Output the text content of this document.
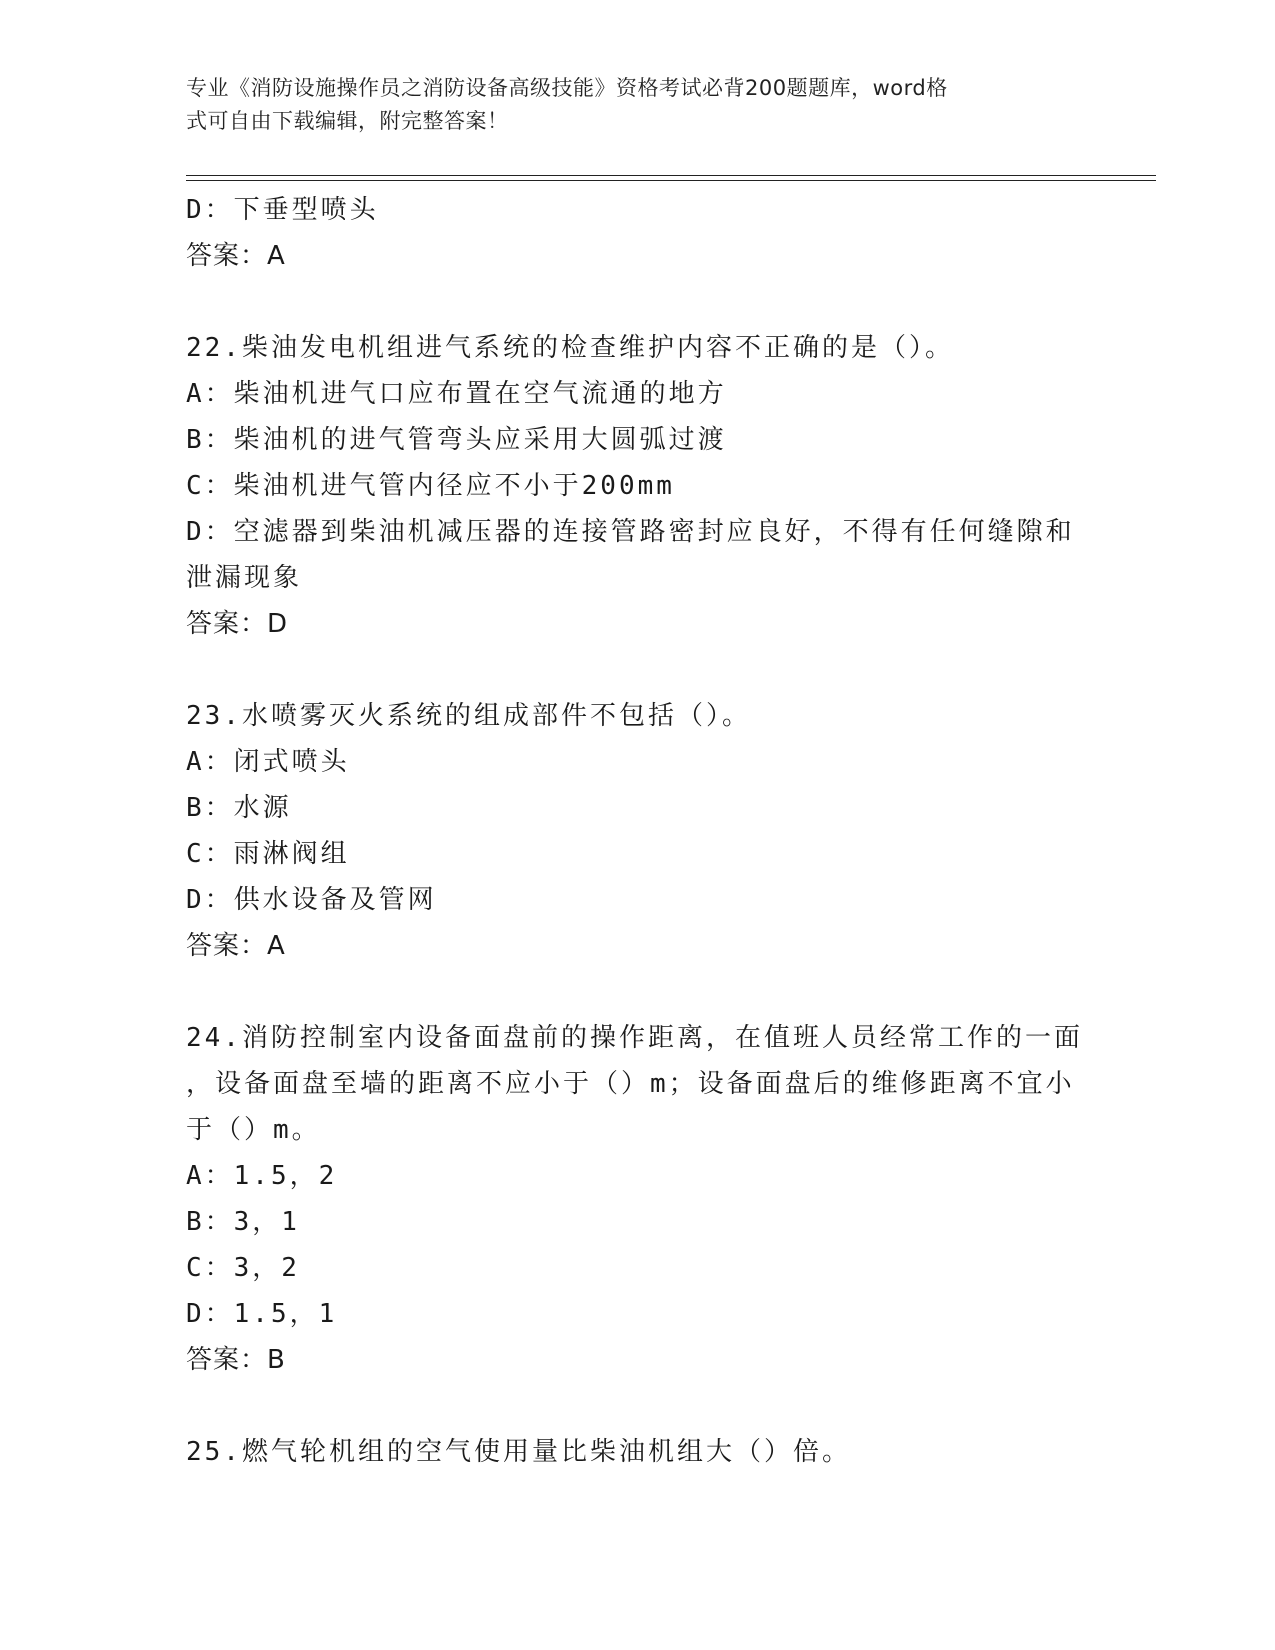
专业《消防设施操作员之消防设备高级技能》资格考试必背200题题库，word格
式可自由下载编辑，附完整答案！

D：下垂型喷头

答案：A

22.柴油发电机组进气系统的检查维护内容不正确的是（）。

A：柴油机进气口应布置在空气流通的地方

B：柴油机的进气管弯头应采用大圆弧过渡

C：柴油机进气管内径应不小于200mm

D：空滤器到柴油机减压器的连接管路密封应良好，不得有任何缝隙和

泄漏现象

答案：D

23.水喷雾灭火系统的组成部件不包括（）。

A：闭式喷头

B：水源

C：雨淋阀组

D：供水设备及管网

答案：A

24.消防控制室内设备面盘前的操作距离，在值班人员经常工作的一面

，设备面盘至墙的距离不应小于（）m；设备面盘后的维修距离不宜小

于（）m。

A：1.5，2

B：3，1

C：3，2

D：1.5，1

答案：B

25.燃气轮机组的空气使用量比柴油机组大（）倍。
